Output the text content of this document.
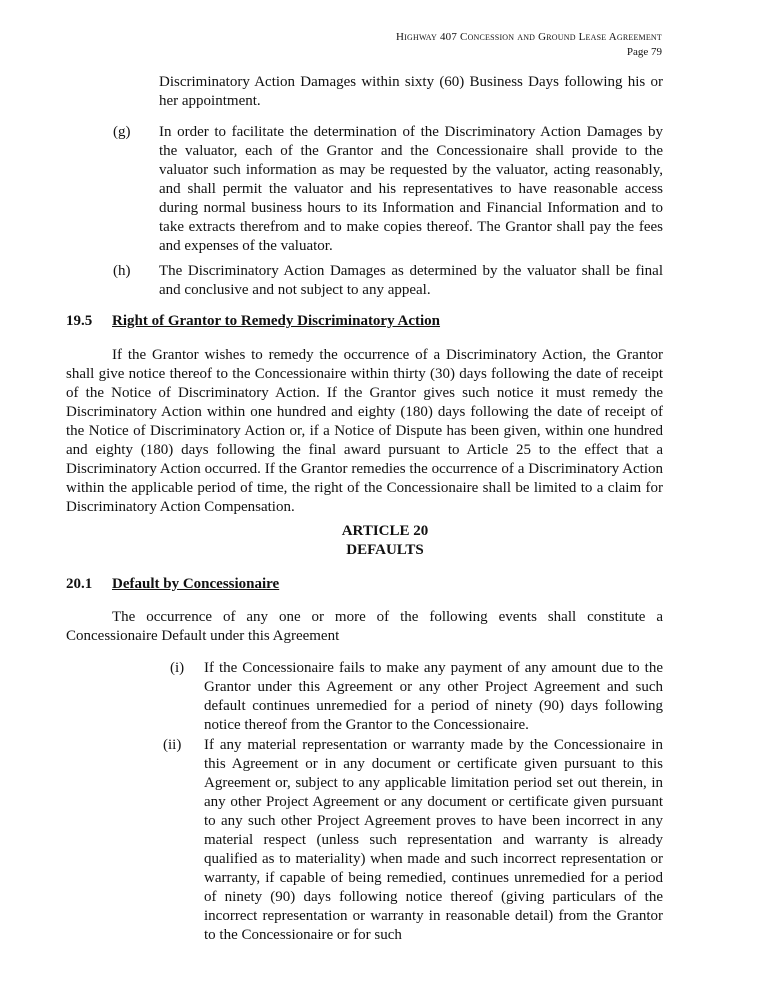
Highway 407 Concession and Ground Lease Agreement
Page 79
Discriminatory Action Damages within sixty (60) Business Days following his or her appointment.
(g) In order to facilitate the determination of the Discriminatory Action Damages by the valuator, each of the Grantor and the Concessionaire shall provide to the valuator such information as may be requested by the valuator, acting reasonably, and shall permit the valuator and his representatives to have reasonable access during normal business hours to its Information and Financial Information and to take extracts therefrom and to make copies thereof. The Grantor shall pay the fees and expenses of the valuator.
(h) The Discriminatory Action Damages as determined by the valuator shall be final and conclusive and not subject to any appeal.
19.5 Right of Grantor to Remedy Discriminatory Action
If the Grantor wishes to remedy the occurrence of a Discriminatory Action, the Grantor shall give notice thereof to the Concessionaire within thirty (30) days following the date of receipt of the Notice of Discriminatory Action. If the Grantor gives such notice it must remedy the Discriminatory Action within one hundred and eighty (180) days following the date of receipt of the Notice of Discriminatory Action or, if a Notice of Dispute has been given, within one hundred and eighty (180) days following the final award pursuant to Article 25 to the effect that a Discriminatory Action occurred. If the Grantor remedies the occurrence of a Discriminatory Action within the applicable period of time, the right of the Concessionaire shall be limited to a claim for Discriminatory Action Compensation.
ARTICLE 20
DEFAULTS
20.1 Default by Concessionaire
The occurrence of any one or more of the following events shall constitute a Concessionaire Default under this Agreement
(i) If the Concessionaire fails to make any payment of any amount due to the Grantor under this Agreement or any other Project Agreement and such default continues unremedied for a period of ninety (90) days following notice thereof from the Grantor to the Concessionaire.
(ii) If any material representation or warranty made by the Concessionaire in this Agreement or in any document or certificate given pursuant to this Agreement or, subject to any applicable limitation period set out therein, in any other Project Agreement or any document or certificate given pursuant to any such other Project Agreement proves to have been incorrect in any material respect (unless such representation and warranty is already qualified as to materiality) when made and such incorrect representation or warranty, if capable of being remedied, continues unremedied for a period of ninety (90) days following notice thereof (giving particulars of the incorrect representation or warranty in reasonable detail) from the Grantor to the Concessionaire or for such
